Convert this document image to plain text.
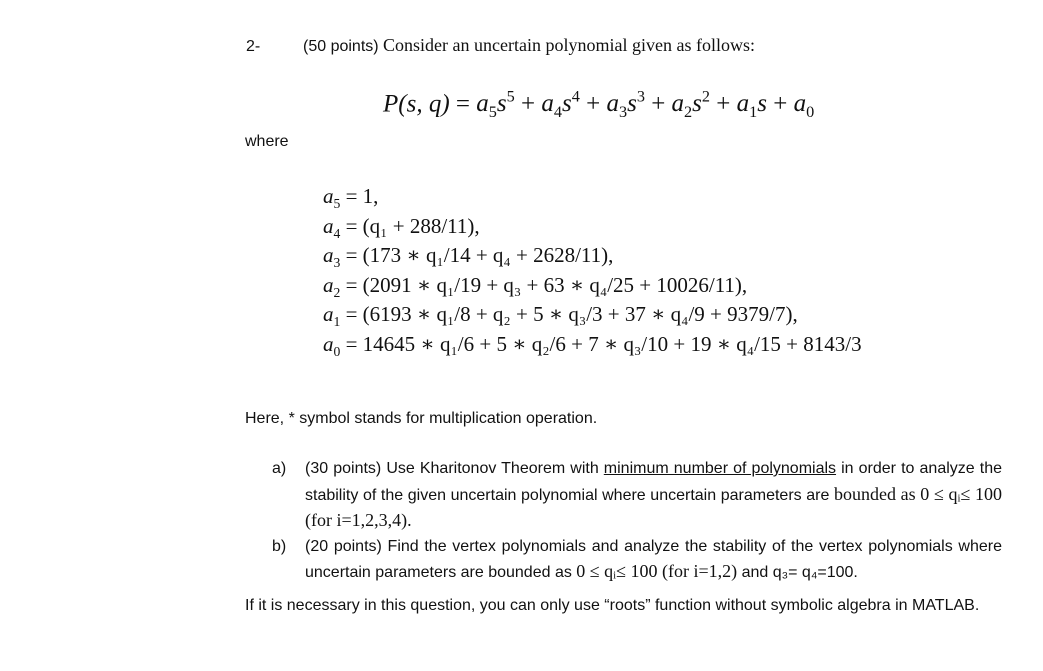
2-	(50 points) Consider an uncertain polynomial given as follows:
P(s, $q) = a_5s^5 + a_4s^4 + a_3s^3 + a_2s^2 + a_1s + a_0$
where
$a_5 = 1$,
$a_4 = (q_1 + 288/11)$,
$a_3 = (173$ ∗ q₁/14 + q₄ + 2628/11),
$a_2 = (2091$ ∗ q₁/19 + q₃ + 63 ∗ q₄/25 + 10026/11),
$a_1 = (6193$ ∗ q₁/8 + q₂ + 5 ∗ q₃/3 + 37 ∗ q₄/9 + 9379/7),
$a_0 = 14645$ ∗ q₁/6 + 5 ∗ q₂/6 + 7 ∗ q₃/10 + 19 ∗ q₄/15 + 8143/3
Here, * symbol stands for multiplication operation.
a) (30 points) Use Kharitonov Theorem with minimum number of polynomials in order to analyze the stability of the given uncertain polynomial where uncertain parameters are bounded as 0 ≤ qᵢ≤ 100 (for i=1,2,3,4).
b) (20 points) Find the vertex polynomials and analyze the stability of the vertex polynomials where uncertain parameters are bounded as 0 ≤ qᵢ≤ 100 (for i=1,2) and q₃= q₄=100.
If it is necessary in this question, you can only use “roots” function without symbolic algebra in MATLAB.
